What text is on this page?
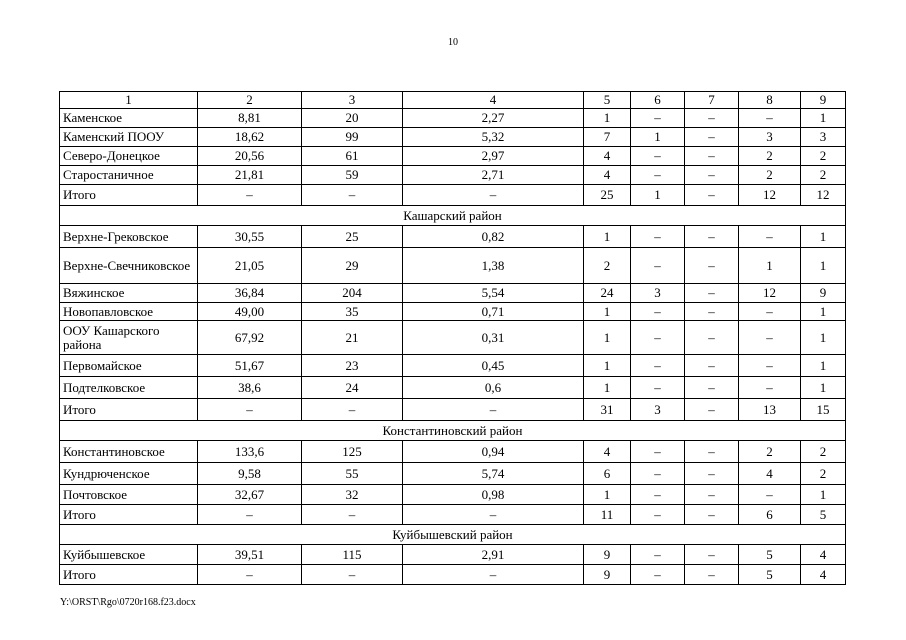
10
1	2	3	4	5	6	7	8	9
Каменское	8,81	20	2,27	1	–	–	–	1
Каменский ПООУ	18,62	99	5,32	7	1	–	3	3
Северо-Донецкое	20,56	61	2,97	4	–	–	2	2
Старостаничное	21,81	59	2,71	4	–	–	2	2
Итого	–	–	–	25	1	–	12	12
Кашарский район								
Верхне-Грековское	30,55	25	0,82	1	–	–	–	1
Верхне-Свечниковское	21,05	29	1,38	2	–	–	1	1
Вяжинское	36,84	204	5,54	24	3	–	12	9
Новопавловское	49,00	35	0,71	1	–	–	–	1
ООУ Кашарского района	67,92	21	0,31	1	–	–	–	1
Первомайское	51,67	23	0,45	1	–	–	–	1
Подтелковское	38,6	24	0,6	1	–	–	–	1
Итого	–	–	–	31	3	–	13	15
Константиновский район								
Константиновское	133,6	125	0,94	4	–	–	2	2
Кундрюченское	9,58	55	5,74	6	–	–	4	2
Почтовское	32,67	32	0,98	1	–	–	–	1
Итого	–	–	–	11	–	–	6	5
Куйбышевский район								
Куйбышевское	39,51	115	2,91	9	–	–	5	4
Итого	–	–	–	9	–	–	5	4
Y:\ORST\Rgo\0720r168.f23.docx
